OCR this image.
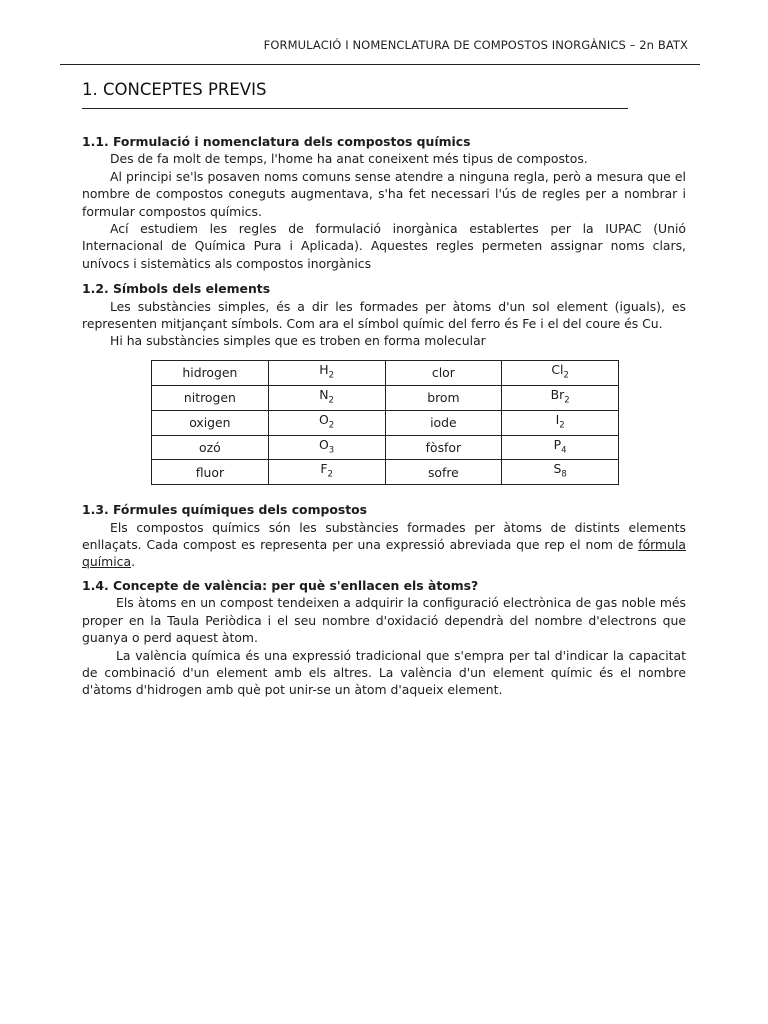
FORMULACIÓ I NOMENCLATURA DE COMPOSTOS INORGÀNICS – 2n BATX
1. CONCEPTES PREVIS
1.1. Formulació i nomenclatura dels compostos químics

Des de fa molt de temps, l'home ha anat coneixent més tipus de compostos.

Al principi se'ls posaven noms comuns sense atendre a ninguna regla, però a mesura que el nombre de compostos coneguts augmentava, s'ha fet necessari l'ús de regles per a nombrar i formular compostos químics.

Ací estudiem les regles de formulació inorgànica establertes per la IUPAC (Unió Internacional de Química Pura i Aplicada). Aquestes regles permeten assignar noms clars, unívocs i sistemàtics als compostos inorgànics

1.2. Símbols dels elements

Les substàncies simples, és a dir les formades per àtoms d'un sol element (iguals), es representen mitjançant símbols. Com ara el símbol químic del ferro és Fe i el del coure és Cu.

Hi ha substàncies simples que es troben en forma molecular

hidrogen	$H_2$	clor	$Cl_2$
nitrogen	$N_2$	brom	$Br_2$
oxigen	$O_2$	iode	$I_2$
ozó	$O_3$	fòsfor	$P_4$
fluor	$F_2$	sofre	$S_8$
1.3. Fórmules químiques dels compostos

Els compostos químics són les substàncies formades per àtoms de distints elements enllaçats. Cada compost es representa per una expressió abreviada que rep el nom de fórmula química.

1.4. Concepte de valència: per què s'enllacen els àtoms?

Els àtoms en un compost tendeixen a adquirir la configuració electrònica de gas noble més proper en la Taula Periòdica i el seu nombre d'oxidació dependrà del nombre d'electrons que guanya o perd aquest àtom.

La valència química és una expressió tradicional que s'empra per tal d'indicar la capacitat de combinació d'un element amb els altres. La valència d'un element químic és el nombre d'àtoms d'hidrogen amb què pot unir-se un àtom d'aqueix element.
